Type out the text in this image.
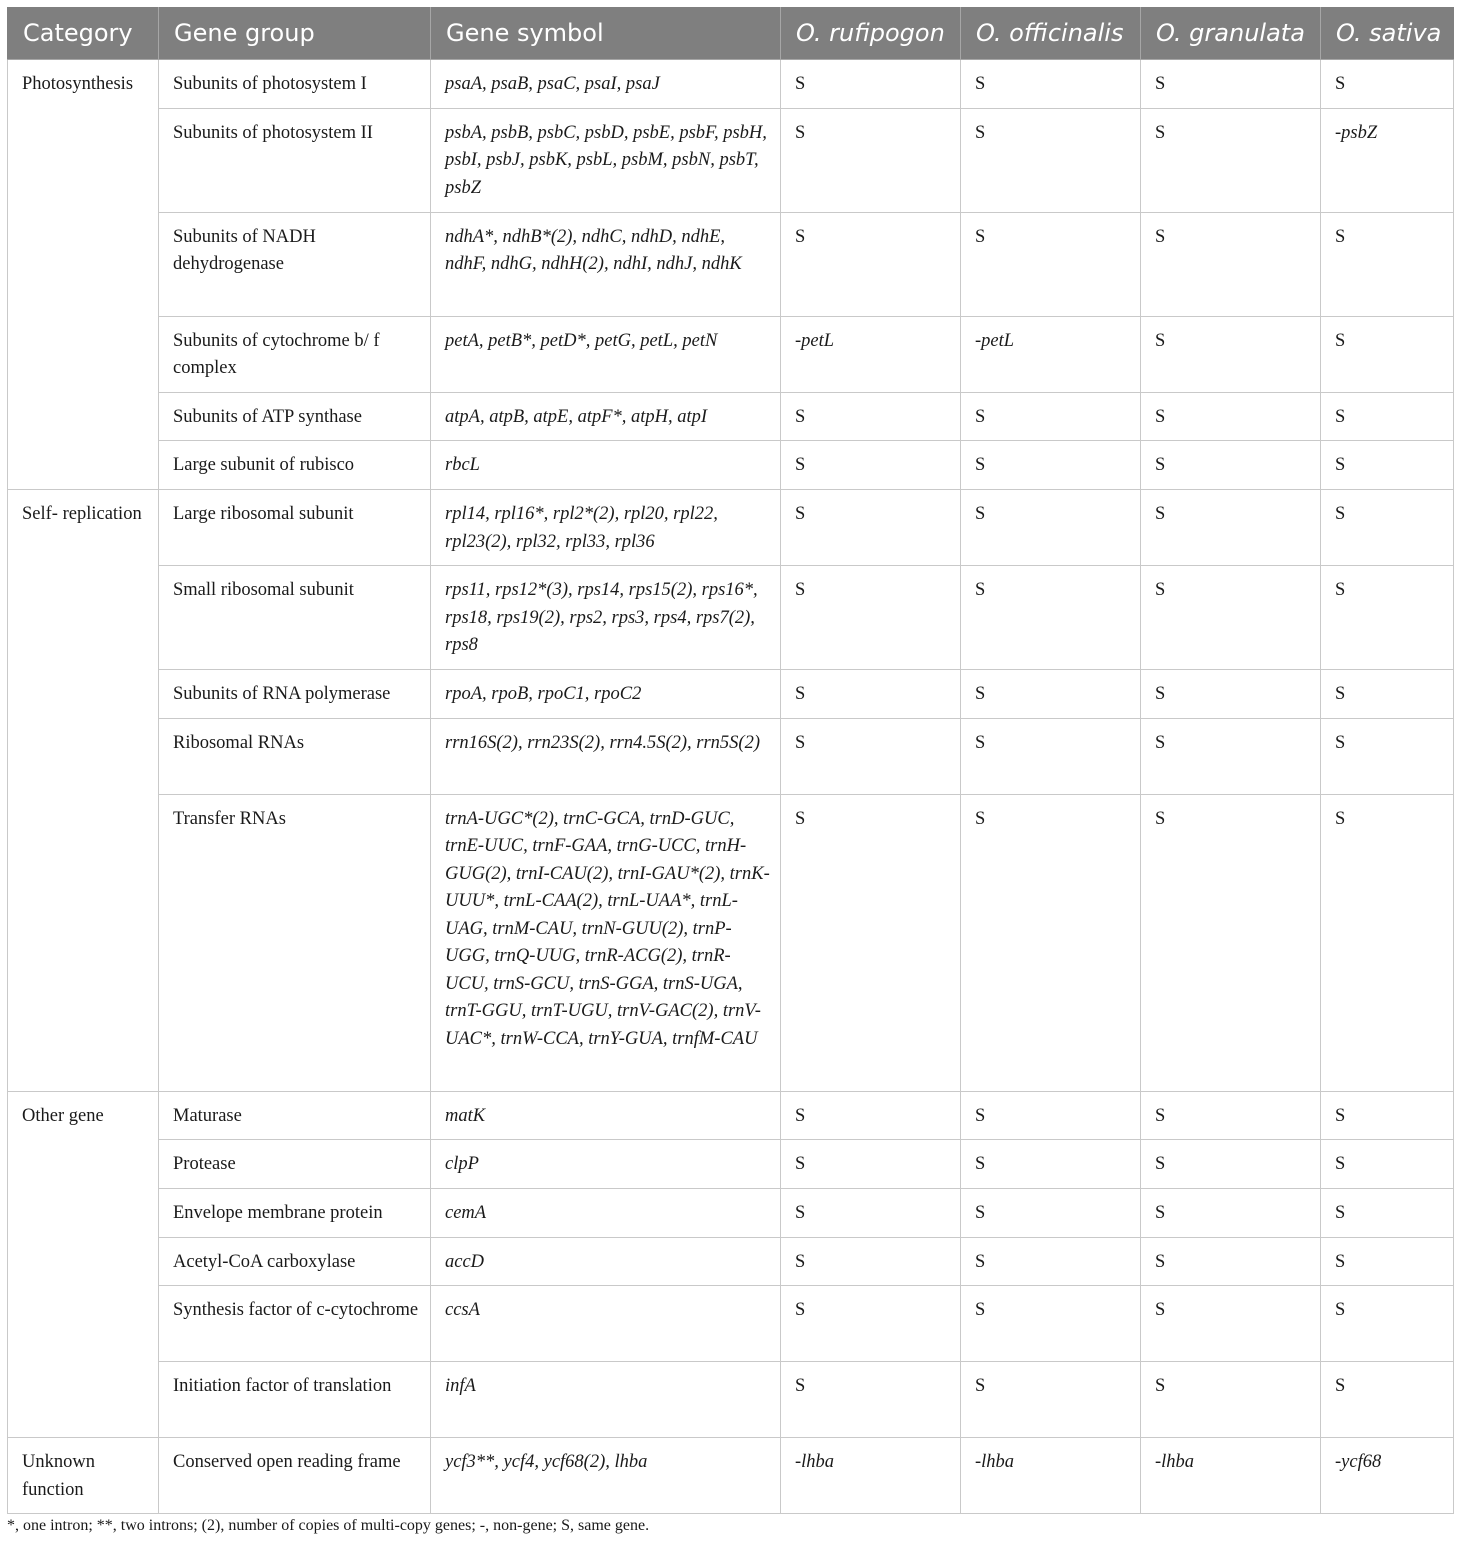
Category	Gene group	Gene symbol	O. rufipogon	O. officinalis	O. granulata	O. sativa
Photosynthesis	Subunits of photosystem I	psaA, psaB, psaC, psaI, psaJ	S	S	S	S
	Subunits of photosystem II	psbA, psbB, psbC, psbD, psbE, psbF, psbH, psbI, psbJ, psbK, psbL, psbM, psbN, psbT, psbZ	S	S	S	-psbZ
	Subunits of NADH dehydrogenase	ndhA*, ndhB*(2), ndhC, ndhD, ndhE, ndhF, ndhG, ndhH(2), ndhI, ndhJ, ndhK	S	S	S	S
	Subunits of cytochrome b/ f complex	petA, petB*, petD*, petG, petL, petN	-petL	-petL	S	S
	Subunits of ATP synthase	atpA, atpB, atpE, atpF*, atpH, atpI	S	S	S	S
	Large subunit of rubisco	rbcL	S	S	S	S
Self- replication	Large ribosomal subunit	rpl14, rpl16*, rpl2*(2), rpl20, rpl22, rpl23(2), rpl32, rpl33, rpl36	S	S	S	S
	Small ribosomal subunit	rps11, rps12*(3), rps14, rps15(2), rps16*, rps18, rps19(2), rps2, rps3, rps4, rps7(2), rps8	S	S	S	S
	Subunits of RNA polymerase	rpoA, rpoB, rpoC1, rpoC2	S	S	S	S
	Ribosomal RNAs	rrn16S(2), rrn23S(2), rrn4.5S(2), rrn5S(2)	S	S	S	S
	Transfer RNAs	trnA-UGC*(2), trnC-GCA, trnD-GUC, trnE-UUC, trnF-GAA, trnG-UCC, trnH-GUG(2), trnI-CAU(2), trnI-GAU*(2), trnK-UUU*, trnL-CAA(2), trnL-UAA*, trnL-UAG, trnM-CAU, trnN-GUU(2), trnP-UGG, trnQ-UUG, trnR-ACG(2), trnR-UCU, trnS-GCU, trnS-GGA, trnS-UGA, trnT-GGU, trnT-UGU, trnV-GAC(2), trnV-UAC*, trnW-CCA, trnY-GUA, trnfM-CAU	S	S	S	S
Other gene	Maturase	matK	S	S	S	S
	Protease	clpP	S	S	S	S
	Envelope membrane protein	cemA	S	S	S	S
	Acetyl-CoA carboxylase	accD	S	S	S	S
	Synthesis factor of c-cytochrome	ccsA	S	S	S	S
	Initiation factor of translation	infA	S	S	S	S
Unknown function	Conserved open reading frame	ycf3**, ycf4, ycf68(2), lhba	-lhba	-lhba	-lhba	-ycf68
*, one intron; **, two introns; (2), number of copies of multi-copy genes; -, non-gene; S, same gene.
